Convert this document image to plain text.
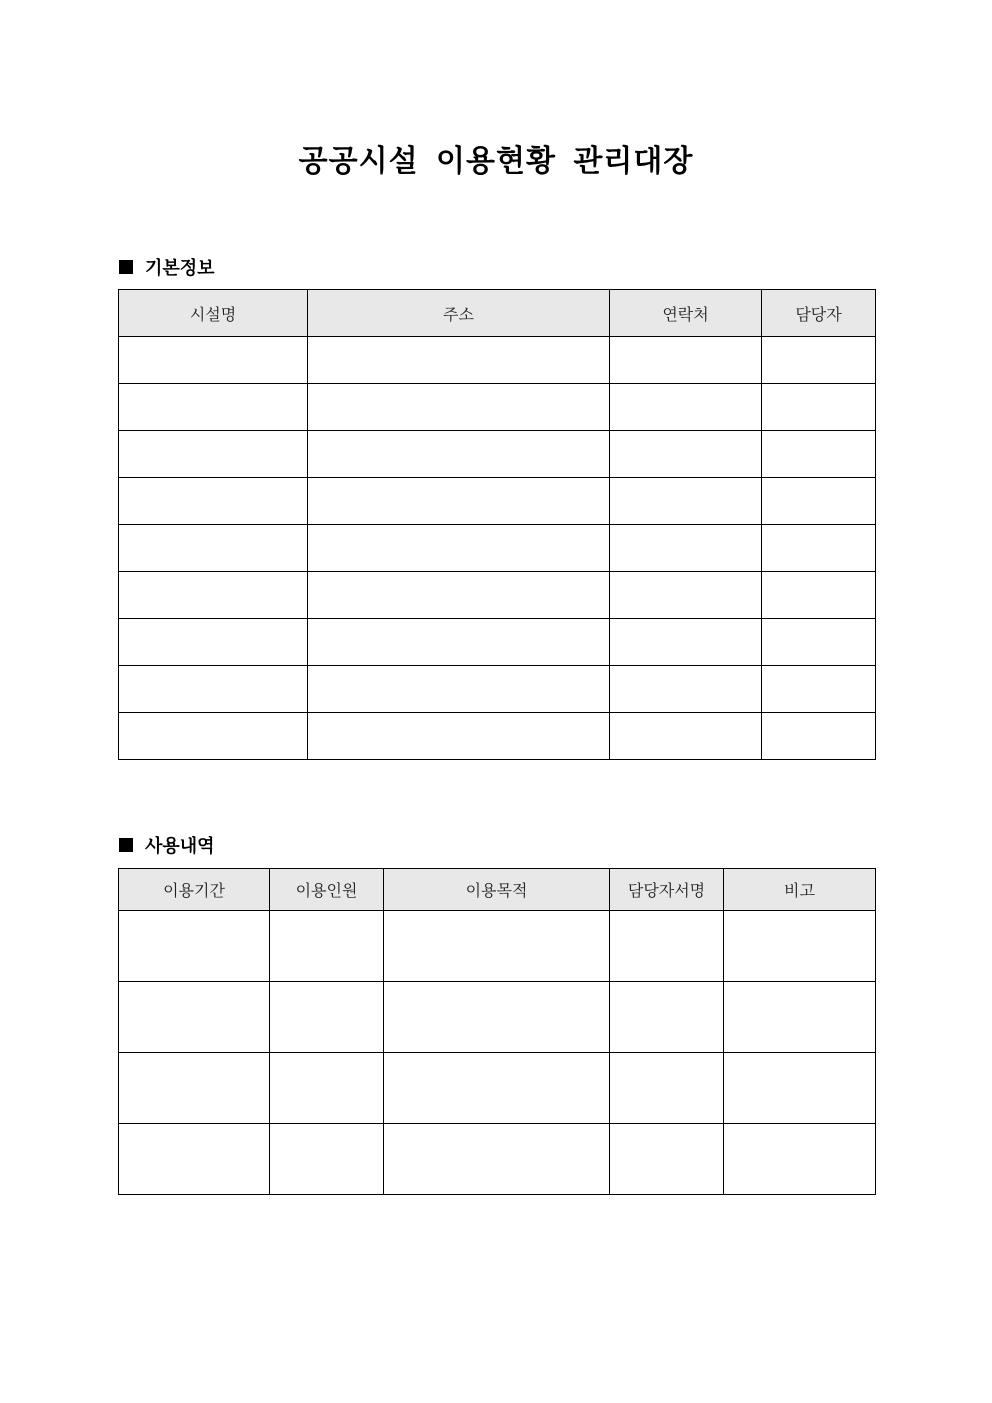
공공시설 이용현황 관리대장
기본정보
시설명	주소	연락처	담당자

사용내역
이용기간	이용인원	이용목적	담당자서명	비고
